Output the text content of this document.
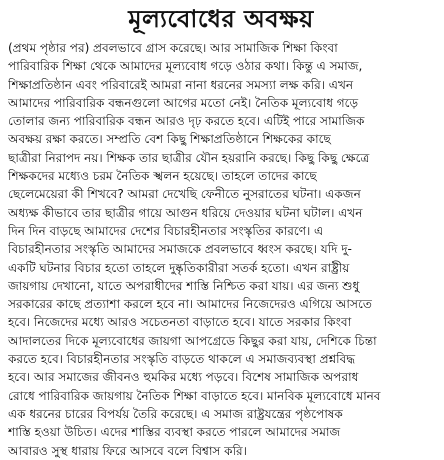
মূল্যবোধের অবক্ষয়
(প্রথম পৃষ্ঠার পর) প্রবলভাবে গ্রাস করেছে। আর সামাজিক শিক্ষা কিংবা
পারিবারিক শিক্ষা থেকে আমাদের মূল্যবোধ গড়ে ওঠার কথা। কিন্তু এ সমাজ,
শিক্ষাপ্রতিষ্ঠান এবং পরিবারেই আমরা নানা ধরনের সমস্যা লক্ষ করি। এখন
আমাদের পারিবারিক বন্ধনগুলো আগের মতো নেই। নৈতিক মূল্যবোধ গড়ে
তোলার জন্য পারিবারিক বন্ধন আরও দৃঢ় করতে হবে। এটিই পারে সামাজিক
অবক্ষয় রক্ষা করতে। সম্প্রতি বেশ কিছু শিক্ষাপ্রতিষ্ঠানে শিক্ষকের কাছে
ছাত্রীরা নিরাপদ নয়। শিক্ষক তার ছাত্রীর যৌন হয়রানি করছে। কিছু কিছু ক্ষেত্রে
শিক্ষকদের মধ্যেও চরম নৈতিক স্খলন হয়েছে। তাহলে তাদের কাছে
ছেলেমেয়েরা কী শিখবে? আমরা দেখেছি ফেনীতে নুসরাতের ঘটনা। একজন
অধ্যক্ষ কীভাবে তার ছাত্রীর গায়ে আগুন ধরিয়ে দেওয়ার ঘটনা ঘটাল। এখন
দিন দিন বাড়ছে আমাদের দেশের বিচারহীনতার সংস্কৃতির কারণে। এ
বিচারহীনতার সংস্কৃতি আমাদের সমাজকে প্রবলভাবে ধ্বংস করছে। যদি দু-
একটি ঘটনার বিচার হতো তাহলে দুষ্কৃতিকারীরা সতর্ক হতো। এখন রাষ্ট্রীয়
জায়গায় দেখানো, যাতে অপরাধীদের শাস্তি নিশ্চিত করা যায়। এর জন্য শুধু
সরকারের কাছে প্রত্যাশা করলে হবে না। আমাদের নিজেদেরও এগিয়ে আসতে
হবে। নিজেদের মধ্যে আরও সচেতনতা বাড়াতে হবে। যাতে সরকার কিংবা
আদালতের দিকে মূল্যবোধের জায়গা আপগ্রেডে কিছুর করা যায়, দেশিকে চিন্তা
করতে হবে। বিচারহীনতার সংস্কৃতি বাড়তে থাকলে এ সমাজব্যবস্থা প্রশ্নবিদ্ধ
হবে। আর সমাজের জীবনও হুমকির মধ্যে পড়বে। বিশেষ সামাজিক অপরাধ
রোধে পারিবারিক জায়গায় নৈতিক শিক্ষা বাড়াতে হবে। মানবিক মূল্যবোধে মানব
এক ধরনের চারের বিপর্যয় তৈরি করেছে। এ সমাজ রাষ্ট্রযন্ত্রের পৃষ্ঠপোষক
শাস্তি হওয়া উচিত। এদের শাস্তির ব্যবস্থা করতে পারলে আমাদের সমাজ
আবারও সুস্থ ধারায় ফিরে আসবে বলে বিশ্বাস করি।
